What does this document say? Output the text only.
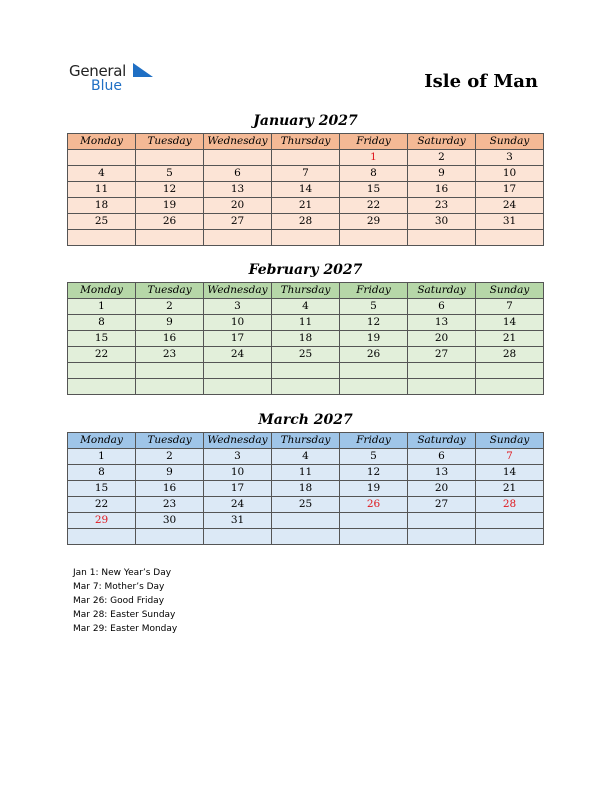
General
Blue	Isle of Man
January 2027
Monday	Tuesday	Wednesday	Thursday	Friday	Saturday	Sunday
				1	2	3
4	5	6	7	8	9	10
11	12	13	14	15	16	17
18	19	20	21	22	23	24
25	26	27	28	29	30	31

February 2027
Monday	Tuesday	Wednesday	Thursday	Friday	Saturday	Sunday
1	2	3	4	5	6	7
8	9	10	11	12	13	14
15	16	17	18	19	20	21
22	23	24	25	26	27	28

March 2027
Monday	Tuesday	Wednesday	Thursday	Friday	Saturday	Sunday
1	2	3	4	5	6	7
8	9	10	11	12	13	14
15	16	17	18	19	20	21
22	23	24	25	26	27	28
29	30	31				

Jan 1: New Year’s Day
Mar 7: Mother’s Day
Mar 26: Good Friday
Mar 28: Easter Sunday
Mar 29: Easter Monday
